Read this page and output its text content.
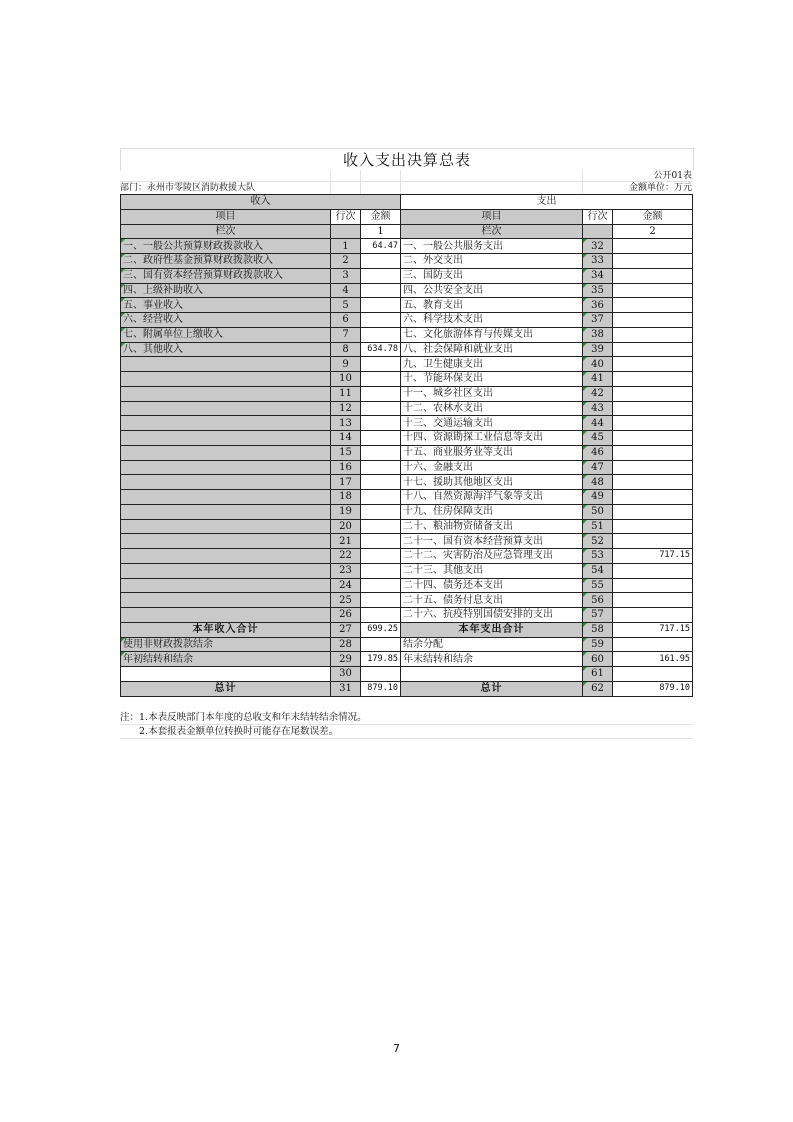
收入支出决算总表
公开01表
部门：永州市零陵区消防救援大队	金额单位：万元
收入			支出		
项目	行次	金额	项目	行次	金额
栏次		1	栏次		2
一、一般公共预算财政拨款收入	1	64.47	一、一般公共服务支出	32	
二、政府性基金预算财政拨款收入	2		二、外交支出	33	
三、国有资本经营预算财政拨款收入	3		三、国防支出	34	
四、上级补助收入	4		四、公共安全支出	35	
五、事业收入	5		五、教育支出	36	
六、经营收入	6		六、科学技术支出	37	
七、附属单位上缴收入	7		七、文化旅游体育与传媒支出	38	
八、其他收入	8	634.78	八、社会保障和就业支出	39	
	9		九、卫生健康支出	40	
	10		十、节能环保支出	41	
	11		十一、城乡社区支出	42	
	12		十二、农林水支出	43	
	13		十三、交通运输支出	44	
	14		十四、资源勘探工业信息等支出	45	
	15		十五、商业服务业等支出	46	
	16		十六、金融支出	47	
	17		十七、援助其他地区支出	48	
	18		十八、自然资源海洋气象等支出	49	
	19		十九、住房保障支出	50	
	20		二十、粮油物资储备支出	51	
	21		二十一、国有资本经营预算支出	52	
	22		二十二、灾害防治及应急管理支出	53	717.15
	23		二十三、其他支出	54	
	24		二十四、债务还本支出	55	
	25		二十五、债务付息支出	56	
	26		二十六、抗疫特别国债安排的支出	57	
本年收入合计	27	699.25	本年支出合计	58	717.15
使用非财政拨款结余	28		结余分配	59	
年初结转和结余	29	179.85	年末结转和结余	60	161.95
	30			61	
总计	31	879.10	总计	62	879.10
注：1.本表反映部门本年度的总收支和年末结转结余情况。
　　2.本套报表金额单位转换时可能存在尾数误差。
7
